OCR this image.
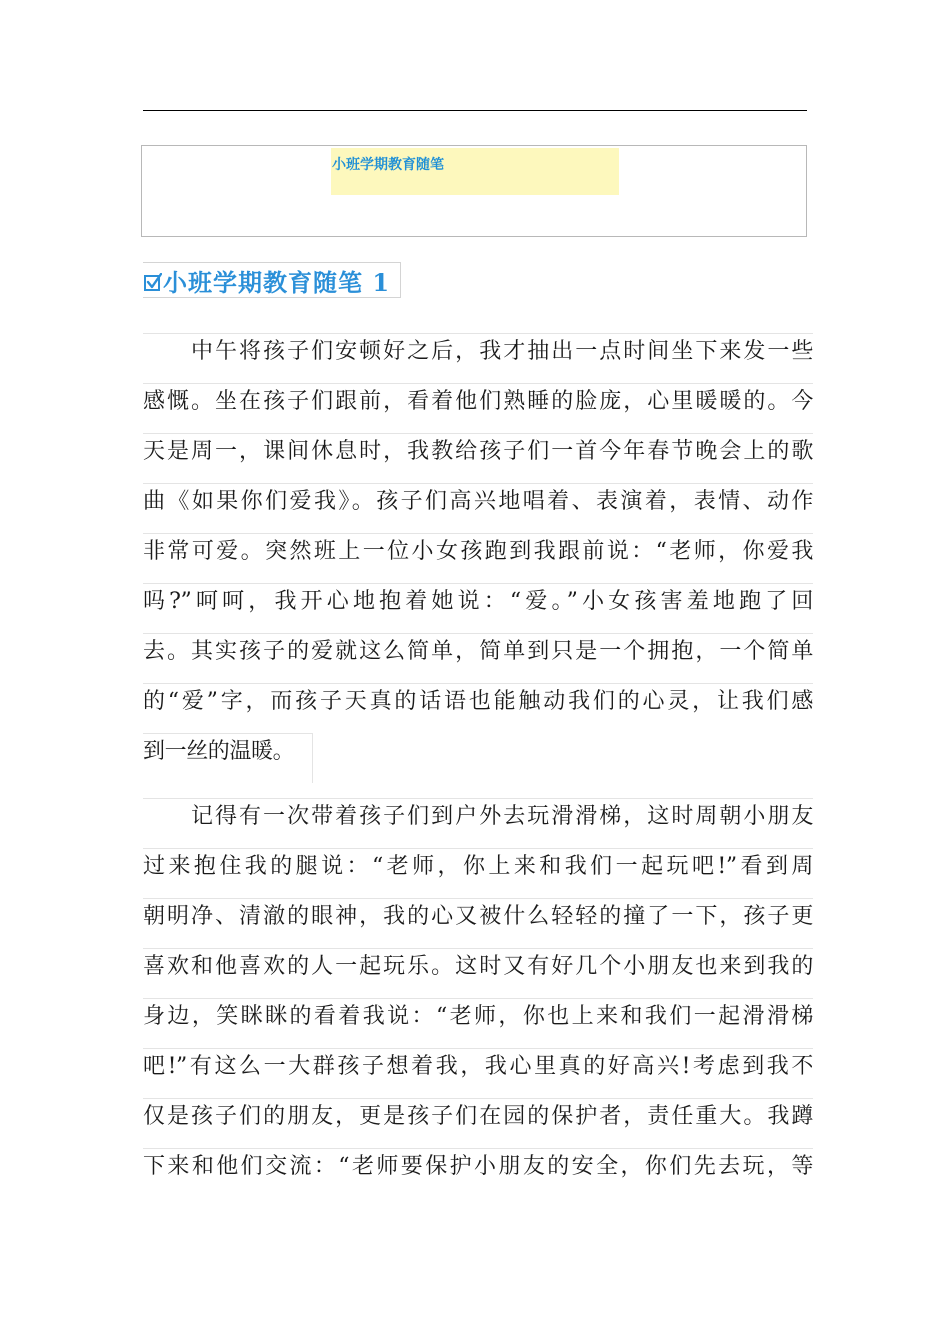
小班学期教育随笔
小班学期教育随笔 1
中午将孩子们安顿好之后，我才抽出一点时间坐下来发一些
感慨。坐在孩子们跟前，看着他们熟睡的脸庞，心里暖暖的。今
天是周一，课间休息时，我教给孩子们一首今年春节晚会上的歌
曲《如果你们爱我》。孩子们高兴地唱着、表演着，表情、动作
非常可爱。突然班上一位小女孩跑到我跟前说：“老师，你爱我
吗?”呵呵，我开心地抱着她说：“爱。”小女孩害羞地跑了回
去。其实孩子的爱就这么简单，简单到只是一个拥抱，一个简单
的“爱”字，而孩子天真的话语也能触动我们的心灵，让我们感
到一丝的温暖。
记得有一次带着孩子们到户外去玩滑滑梯，这时周朝小朋友
过来抱住我的腿说：“老师，你上来和我们一起玩吧!”看到周
朝明净、清澈的眼神，我的心又被什么轻轻的撞了一下，孩子更
喜欢和他喜欢的人一起玩乐。这时又有好几个小朋友也来到我的
身边，笑眯眯的看着我说：“老师，你也上来和我们一起滑滑梯
吧!”有这么一大群孩子想着我，我心里真的好高兴!考虑到我不
仅是孩子们的朋友，更是孩子们在园的保护者，责任重大。我蹲
下来和他们交流：“老师要保护小朋友的安全，你们先去玩，等
